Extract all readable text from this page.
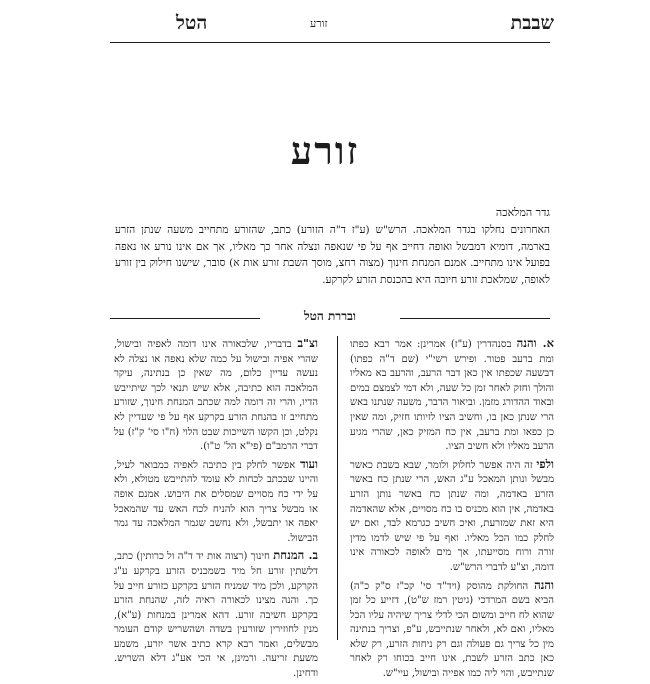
שבבת
זורע
הטל
זורע
גדר המלאכה

האחרונים נחלקו בגדר המלאכה. הרש"ש (ע"ז ד"ה הזורע) כתב, שהזורע מתחייב משעה שנתן הזרע בארמה, דומיא דמבשל ואופה דחייב אף על פי שנאפה ונצלה אחר כך מאליו, אך אם אינו נורע או נאפה בפועל אינו מתחייב. אמנם המנחת חינוך (מצוה רחצ, מוסך השבת זורע אות א) סובר, שישנו חילוק בין זורע לאופה, שמלאכת זורע חיובה היא בהכנסת הזרע לקרקע.

ובררת הטל

א. והנה בסנהדרין (ע"ז) אמרינן: אמר רבא כפתו ומת ברעב פטור. ופירש רשי"י (שם ד"ה כפתו) דבשעה שכפתו אין כאן דבר הרעב, והרעב בא מאליו והולך וחזק לאחר זמן כל שעה, ולא דמי לצמצם במים ובאוד ההדורג מזמן. וביאור הדבר, משעה שנתנו באש הרי שנתן כאן בו, וחשיב הציו לזיותו חזיק, ומה שאין כן כפאו ומת ברעב, אין כח המזיק כאן, שהרי מגיע הרעב מאליו ולא חשיב הציו.

ולפי זה היה אפשר לחלוק ולומר, שבא בשבת כאשר מבשל ונותן המאכל ע"ג האש, הרי שנתן כח באשר הזרע באדמה, ומה שנתן כח באשר נותן הזרע באדמה, אין הוא מכניס בו כח מסויים, אלא שהאדמה היא זאת שמזרעת, ואיכ חשיב כגרמא לבד, ואם יש לחלק כמו הכל מאליו. ואף על פי שיש לדמו מדין זורה ורוח מסייעתו, אך מים לאופה לכאורה אינו דומה, וצ"ע לדברי הרש"ש.

והנה החולקת מהוסק (ויד"ד סי' קכ"ז ס"ק כ"ה) הביא בשם המרדכי (גיטין רמז ש"ט), דזייע כל זמן שהוא לח חייב ומשום הכי לדלי צריך שיהיה עליו הכל מאליו, ואם לא, ולאחר שנתייבש, ע"פ, וצריך בנתינה מין כל צריך גם פעולה וגם רק ניחות הזרע, רק שלא כאן כתב הזרע לשבת, אינו חייב בכוחו רק לאחר שנתייבש, והוי ליה כמו אפייה ובישול, עיי"ש.

וצ"ב בדבריו, שלכאורה אינו דומה לאפיה ובישול, שהרי אפיה ובישול על כמה שלא נאפה או נצלה לא נעשה עדיין כלום, מה שאין כן בנתינה, עיקר המלאכה הוא כתיבה, אלא שיש תנאי לכך שיתייבש הדיו, והרי זה דומה למה שכתב המנחת חינוך, שזורע מתחייב זו בהנחת הזרע בקרקע אף על פי שעדיין לא נקלט, וכן הקשו השייכות שבט הלוי (ח"ו סי' ק"ז) על דברי הרמב"ם (פי"א הל' ט"ו).

ועוד אפשר לחלק בין כתיבה לאפיה כמבואר לעיל, והיינו שבכתב לכחות לא עומד להתייבש מטולא, ולא על ידי כח מסויים שמסלים את היבוש. אמנם אופה או מבשל צריך הוא להניח לכח האש עד שהמאכל יאפה או יתבשל, ולא נחשב שגמר המלאכה עד גמר הבישול.

ב. המנחת חינוך (רצוה אות יד ד"ה ול כרותין) כתב, דלשתין זורע חל מיד כשמכניס הזרע בקרקע ע"ג הקרקע, ולכן מיד שמניח הזרע בקרקע כזורע חייב על כך. והנה מצינו לכאורה ראיה לזה, שהנחת הזרע בקרקע חשיבה זורע. דהא אמרינן במנחות (ע"א), מנין לחוזירין שזורעין בשדה ושהשריש קודם העומר מבשלים, ואמר רבא קרא כתיב אשר יזרע, משמע משעת זריעה. ורמינן, אי הכי אע"ג דלא השריש. ודחינן.
